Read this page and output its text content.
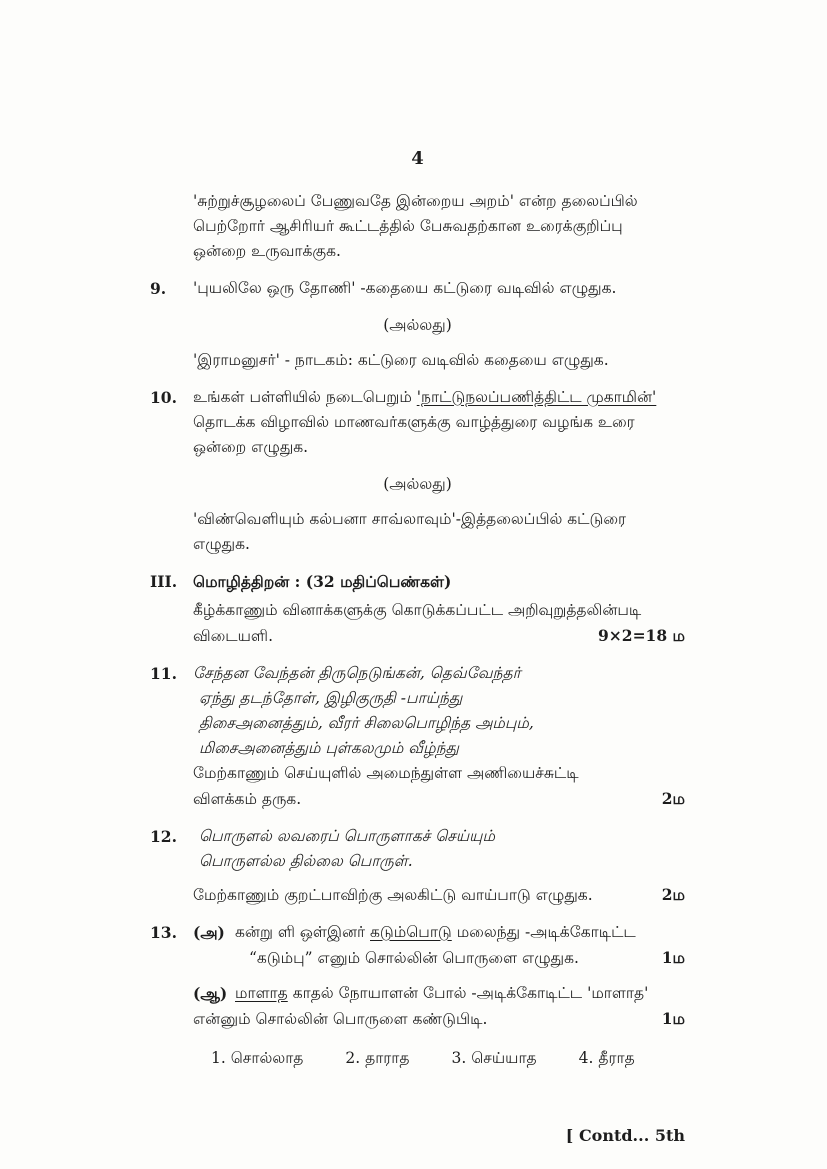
4
'சுற்றுச்சூழலைப் பேணுவதே இன்றைய அறம்' என்ற தலைப்பில்
பெற்றோர் ஆசிரியர் கூட்டத்தில் பேசுவதற்கான உரைக்குறிப்பு
ஒன்றை உருவாக்குக.
9.	'புயலிலே ஒரு தோணி' -கதையை கட்டுரை வடிவில் எழுதுக.
(அல்லது)
'இராமனுசர்' - நாடகம்: கட்டுரை வடிவில் கதையை எழுதுக.
10.	உங்கள் பள்ளியில் நடைபெறும் 'நாட்டுநலப்பணித்திட்ட முகாமின்'
தொடக்க விழாவில் மாணவர்களுக்கு வாழ்த்துரை வழங்க உரை
ஒன்றை எழுதுக.
(அல்லது)
'விண்வெளியும் கல்பனா சாவ்லாவும்'-இத்தலைப்பில் கட்டுரை எழுதுக.
III. மொழித்திறன் : (32 மதிப்பெண்கள்)
கீழ்க்காணும் வினாக்களுக்கு கொடுக்கப்பட்ட அறிவுறுத்தலின்படி
விடையளி.	9×2=18 ம
11.	சேந்தன வேந்தன் திருநெடுங்கன், தெவ்வேந்தர்
ஏந்து தடந்தோள், இழிகுருதி -பாய்ந்து
திசைஅனைத்தும், வீரர் சிலைபொழிந்த அம்பும்,
மிசைஅனைத்தும் புள்கலமும் வீழ்ந்து
மேற்காணும் செய்யுளில் அமைந்துள்ள அணியைச்சுட்டி
விளக்கம் தருக.	2ம
12.	பொருளல் லவரைப் பொருளாகச் செய்யும்
பொருளல்ல தில்லை பொருள்.
மேற்காணும் குறட்பாவிற்கு அலகிட்டு வாய்பாடு எழுதுக.	2ம
13.	(அ) கன்று ளி ஒள்இனர் கடும்பொடு மலைந்து -அடிக்கோடிட்ட
“கடும்பு” எனும் சொல்லின் பொருளை எழுதுக.	1ம
(ஆ) மாளாத காதல் நோயாளன் போல் -அடிக்கோடிட்ட 'மாளாத'
என்னும் சொல்லின் பொருளை கண்டுபிடி.	1ம
1. சொல்லாத	2. தாராத	3. செய்யாத	4. தீராத
[ Contd... 5th
